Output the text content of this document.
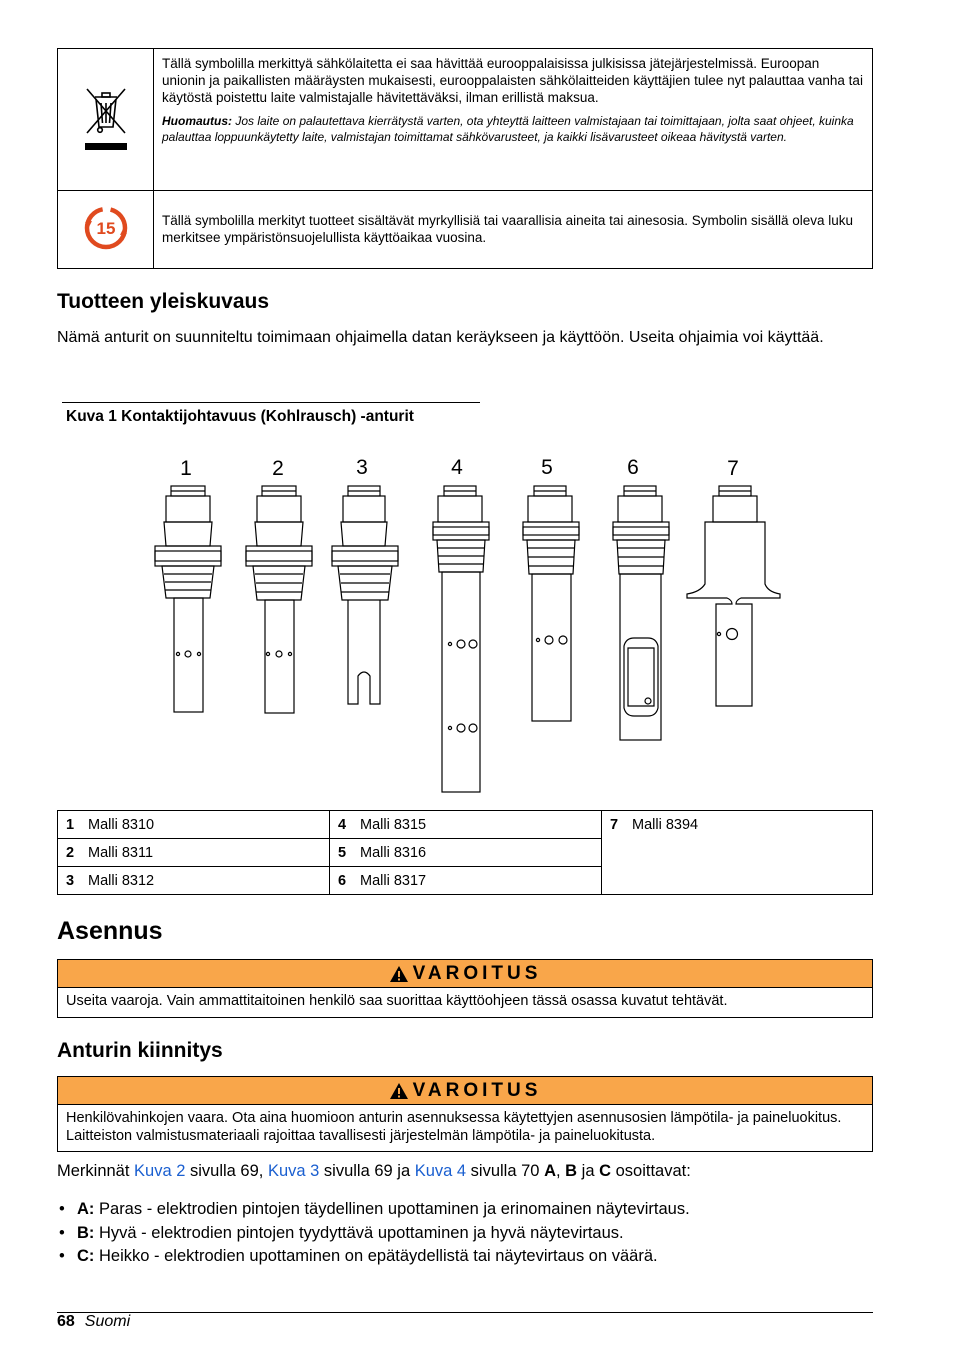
Tällä symbolilla merkittyä sähkölaitetta ei saa hävittää eurooppalaisissa julkisissa jätejärjestelmissä. Euroopan unionin ja paikallisten määräysten mukaisesti, eurooppalaisten sähkölaitteiden käyttäjien tulee nyt palauttaa vanha tai käytöstä poistettu laite valmistajalle hävitettäväksi, ilman erillistä maksua.
Huomautus: Jos laite on palautettava kierrätystä varten, ota yhteyttä laitteen valmistajaan tai toimittajaan, jolta saat ohjeet, kuinka palauttaa loppuunkäytetty laite, valmistajan toimittamat sähkövarusteet, ja kaikki lisävarusteet oikeaa hävitystä varten.

15	Tällä symbolilla merkityt tuotteet sisältävät myrkyllisiä tai vaarallisia aineita tai ainesosia. Symbolin sisällä oleva luku merkitsee ympäristönsuojelullista käyttöaikaa vuosina.
Tuotteen yleiskuvaus
Nämä anturit on suunniteltu toimimaan ohjaimella datan keräykseen ja käyttöön. Useita ohjaimia voi käyttää.
Kuva 1 Kontaktijohtavuus (Kohlrausch) -anturit
1	2	3	4	5	6	7
1 Malli 8310	4 Malli 8315	7 Malli 8394
2 Malli 8311	5 Malli 8316	
3 Malli 8312	6 Malli 8317	
Asennus
VAROITUS
Useita vaaroja. Vain ammattitaitoinen henkilö saa suorittaa käyttöohjeen tässä osassa kuvatut tehtävät.
Anturin kiinnitys
VAROITUS
Henkilövahinkojen vaara. Ota aina huomioon anturin asennuksessa käytettyjen asennusosien lämpötila- ja paineluokitus. Laitteiston valmistusmateriaali rajoittaa tavallisesti järjestelmän lämpötila- ja paineluokitusta.
Merkinnät Kuva 2 sivulla 69, Kuva 3 sivulla 69 ja Kuva 4 sivulla 70 A, B ja C osoittavat:
• A: Paras - elektrodien pintojen täydellinen upottaminen ja erinomainen näytevirtaus.
• B: Hyvä - elektrodien pintojen tyydyttävä upottaminen ja hyvä näytevirtaus.
• C: Heikko - elektrodien upottaminen on epätäydellistä tai näytevirtaus on väärä.
68 Suomi
